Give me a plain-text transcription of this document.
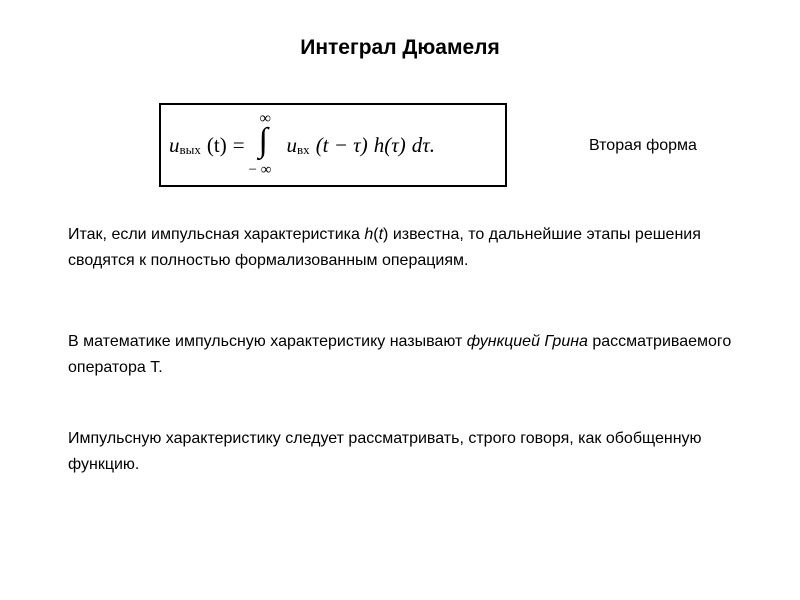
Интеграл Дюамеля
u вых (t) =
∞
∫
− ∞
u вх (t − τ) h (τ) dτ.	Вторая форма

Итак, если импульсная характеристика h(t) известна, то дальнейшие этапы решения сводятся к полностью формализованным операциям.

В математике импульсную характеристику называют функцией Грина рассматриваемого оператора T.

Импульсную характеристику следует рассматривать, строго говоря, как обобщенную функцию.
